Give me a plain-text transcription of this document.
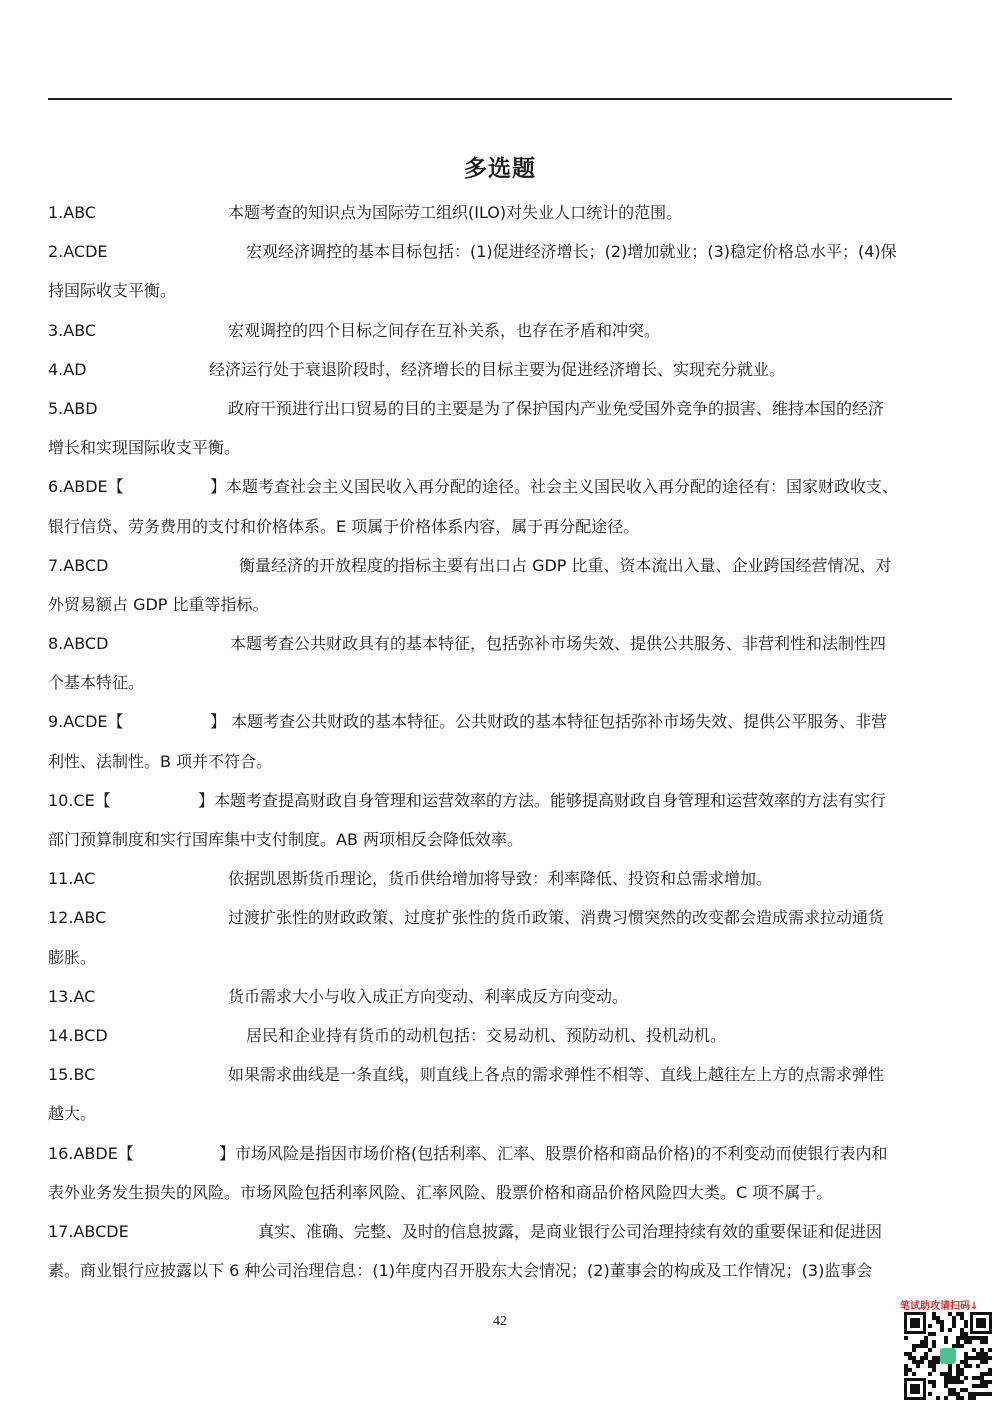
多选题
1.ABC	本题考查的知识点为国际劳工组织(ILO)对失业人口统计的范围。
2.ACDE	宏观经济调控的基本目标包括：(1)促进经济增长；(2)增加就业；(3)稳定价格总水平；(4)保
持国际收支平衡。
3.ABC	宏观调控的四个目标之间存在互补关系，也存在矛盾和冲突。
4.AD	经济运行处于衰退阶段时，经济增长的目标主要为促进经济增长、实现充分就业。
5.ABD	政府干预进行出口贸易的目的主要是为了保护国内产业免受国外竞争的损害、维持本国的经济
增长和实现国际收支平衡。
6.ABDE【	】本题考查社会主义国民收入再分配的途径。社会主义国民收入再分配的途径有：国家财政收支、
银行信贷、劳务费用的支付和价格体系。E 项属于价格体系内容，属于再分配途径。
7.ABCD	衡量经济的开放程度的指标主要有出口占 GDP 比重、资本流出入量、企业跨国经营情况、对
外贸易额占 GDP 比重等指标。
8.ABCD	本题考查公共财政具有的基本特征，包括弥补市场失效、提供公共服务、非营利性和法制性四
个基本特征。
9.ACDE【	】 本题考查公共财政的基本特征。公共财政的基本特征包括弥补市场失效、提供公平服务、非营
利性、法制性。B 项并不符合。
10.CE【	】本题考查提高财政自身管理和运营效率的方法。能够提高财政自身管理和运营效率的方法有实行
部门预算制度和实行国库集中支付制度。AB 两项相反会降低效率。
11.AC	依据凯恩斯货币理论，货币供给增加将导致：利率降低、投资和总需求增加。
12.ABC	过渡扩张性的财政政策、过度扩张性的货币政策、消费习惯突然的改变都会造成需求拉动通货
膨胀。
13.AC	货币需求大小与收入成正方向变动、利率成反方向变动。
14.BCD	居民和企业持有货币的动机包括：交易动机、预防动机、投机动机。
15.BC	如果需求曲线是一条直线，则直线上各点的需求弹性不相等、直线上越往左上方的点需求弹性
越大。
16.ABDE【	】市场风险是指因市场价格(包括利率、汇率、股票价格和商品价格)的不利变动而使银行表内和
表外业务发生损失的风险。市场风险包括利率风险、汇率风险、股票价格和商品价格风险四大类。C 项不属于。
17.ABCDE	真实、准确、完整、及时的信息披露，是商业银行公司治理持续有效的重要保证和促进因
素。商业银行应披露以下 6 种公司治理信息：(1)年度内召开股东大会情况；(2)董事会的构成及工作情况；(3)监事会
42
笔试助攻请扫码↓
